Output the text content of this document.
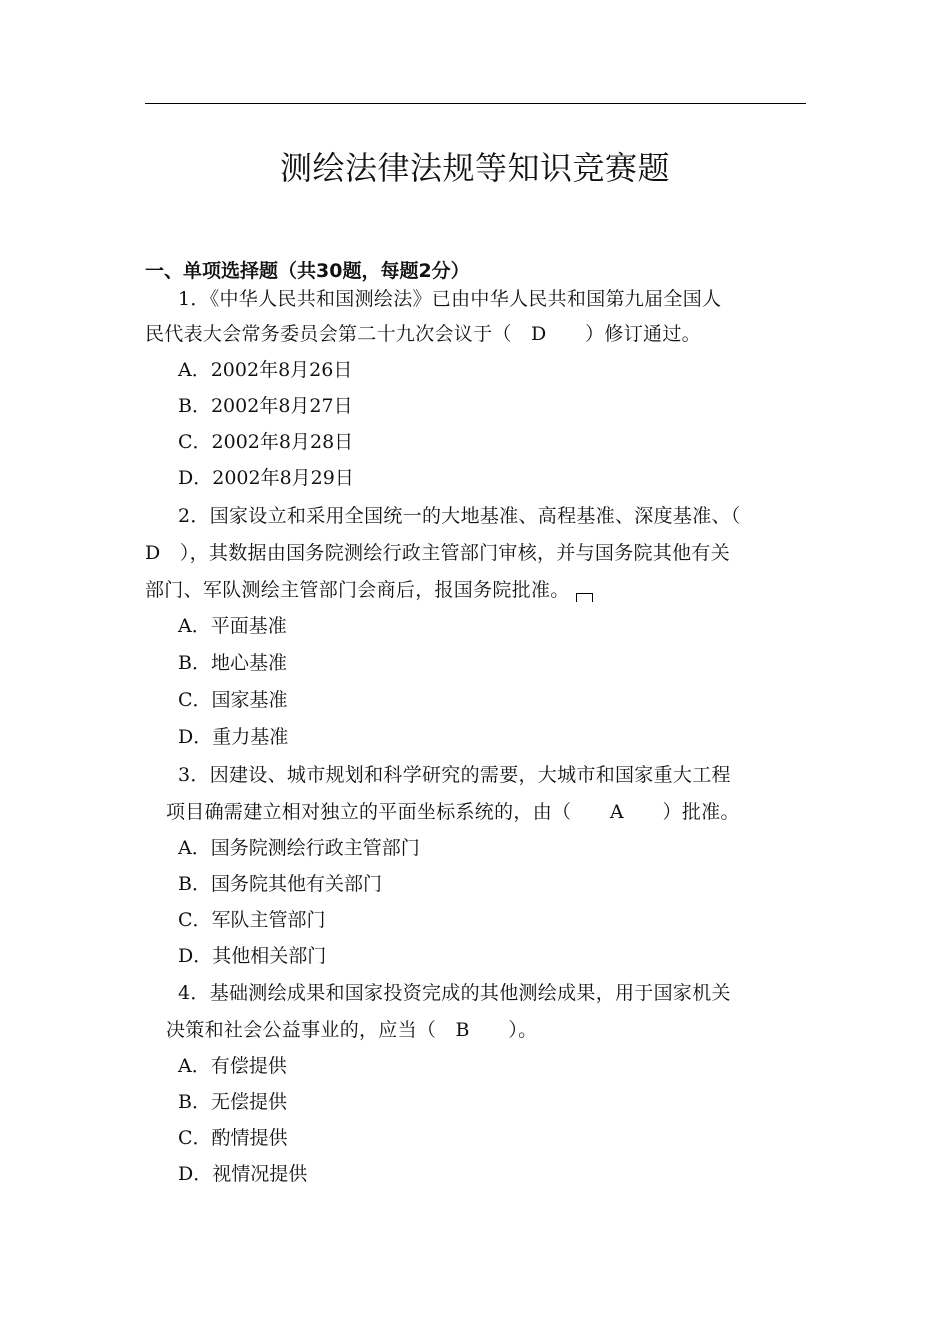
测绘法律法规等知识竞赛题
一、单项选择题（共30题，每题2分）
1．《中华人民共和国测绘法》已由中华人民共和国第九届全国人
民代表大会常务委员会第二十九次会议于（　D　　）修订通过。
A．2002年8月26日
B．2002年8月27日
C．2002年8月28日
D．2002年8月29日
2．国家设立和采用全国统一的大地基准、高程基准、深度基准、（
D　），其数据由国务院测绘行政主管部门审核，并与国务院其他有关
部门、军队测绘主管部门会商后，报国务院批准。
A．平面基准
B．地心基准
C．国家基准
D．重力基准
3．因建设、城市规划和科学研究的需要，大城市和国家重大工程
项目确需建立相对独立的平面坐标系统的，由（　　A　　）批准。
A．国务院测绘行政主管部门
B．国务院其他有关部门
C．军队主管部门
D．其他相关部门
4．基础测绘成果和国家投资完成的其他测绘成果，用于国家机关
决策和社会公益事业的，应当（　B　　）。
A．有偿提供
B．无偿提供
C．酌情提供
D．视情况提供
